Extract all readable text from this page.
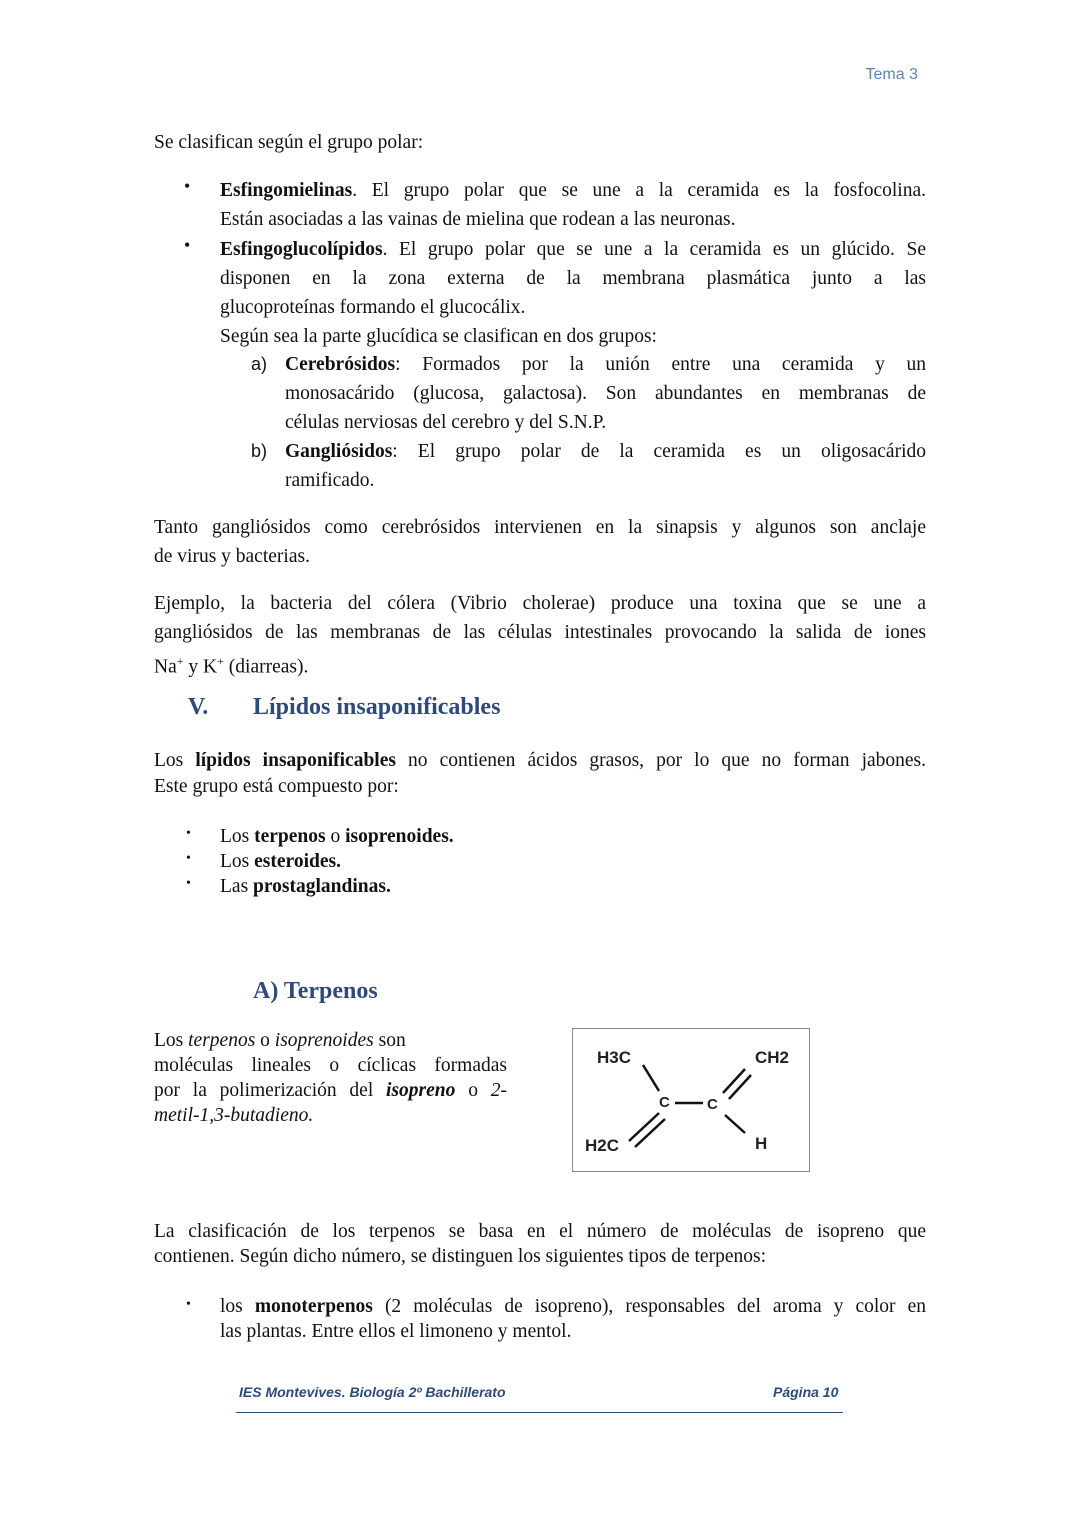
Tema 3

Se clasifican según el grupo polar:

• Esfingomielinas. El grupo polar que se une a la ceramida es la fosfocolina.
Están asociadas a las vainas de mielina que rodean a las neuronas.
• Esfingoglucolípidos. El grupo polar que se une a la ceramida es un glúcido. Se
disponen en la zona externa de la membrana plasmática junto a las
glucoproteínas formando el glucocálix.
Según sea la parte glucídica se clasifican en dos grupos:
a) Cerebrósidos: Formados por la unión entre una ceramida y un
monosacárido (glucosa, galactosa). Son abundantes en membranas de
células nerviosas del cerebro y del S.N.P.
b) Gangliósidos: El grupo polar de la ceramida es un oligosacárido
ramificado.
Tanto gangliósidos como cerebrósidos intervienen en la sinapsis y algunos son anclaje
de virus y bacterias.
Ejemplo, la bacteria del cólera (Vibrio cholerae) produce una toxina que se une a
gangliósidos de las membranas de las células intestinales provocando la salida de iones
Na+ y K+ (diarreas).
V. Lípidos insaponificables
Los lípidos insaponificables no contienen ácidos grasos, por lo que no forman jabones.
Este grupo está compuesto por:
• Los terpenos o isoprenoides.
• Los esteroides.
• Las prostaglandinas.
A) Terpenos
Los terpenos o isoprenoides son
moléculas lineales o cíclicas formadas
por la polimerización del isopreno o 2-
metil-1,3-butadieno.
H3C	CH2
C C
H2C	H
La clasificación de los terpenos se basa en el número de moléculas de isopreno que
contienen. Según dicho número, se distinguen los siguientes tipos de terpenos:
• los monoterpenos (2 moléculas de isopreno), responsables del aroma y color en
las plantas. Entre ellos el limoneno y mentol.
IES Montevives. Biología 2º Bachillerato	Página 10
